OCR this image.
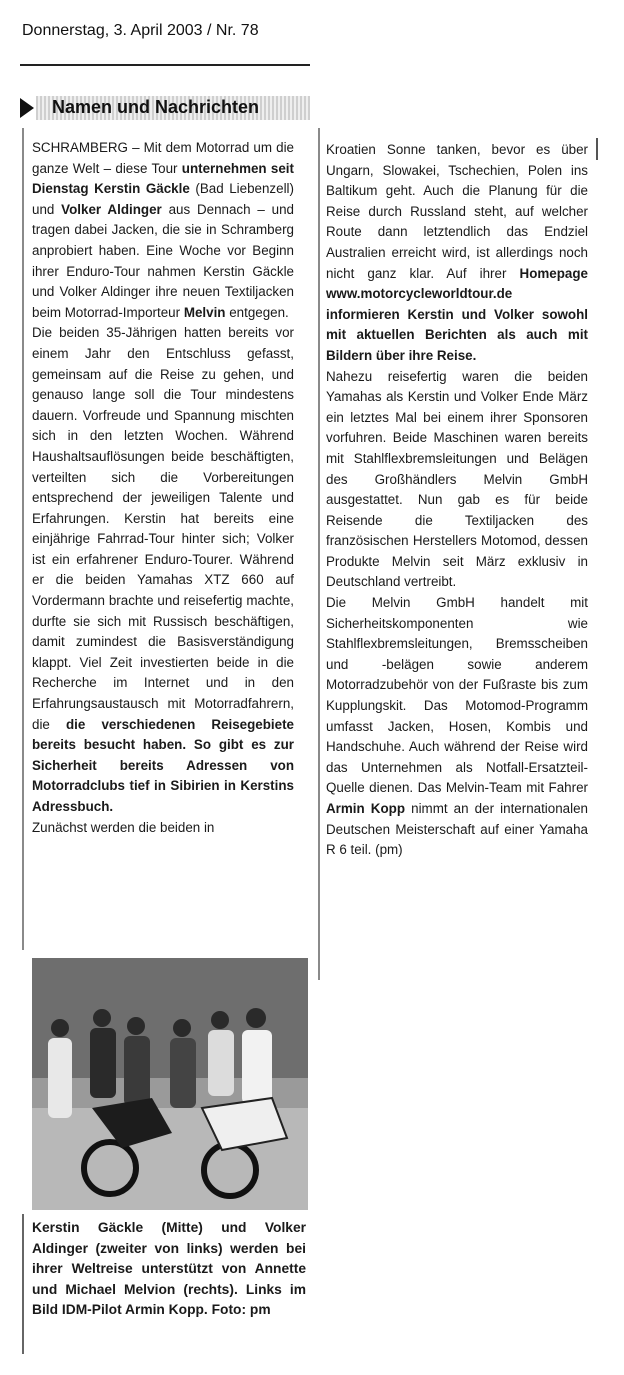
Donnerstag, 3. April 2003 / Nr. 78
Namen und Nachrichten

SCHRAMBERG – Mit dem Motorrad um die ganze Welt – diese Tour unternehmen seit Dienstag Kerstin Gäckle (Bad Liebenzell) und Volker Aldinger aus Dennach – und tragen dabei Jacken, die sie in Schramberg anprobiert haben. Eine Woche vor Beginn ihrer Enduro-Tour nahmen Kerstin Gäckle und Volker Aldinger ihre neuen Textiljacken beim Motorrad-Importeur Melvin entgegen.

Die beiden 35-Jährigen hatten bereits vor einem Jahr den Entschluss gefasst, gemeinsam auf die Reise zu gehen, und genauso lange soll die Tour mindestens dauern. Vorfreude und Spannung mischten sich in den letzten Wochen. Während Haushaltsauflösungen beide beschäftigten, verteilten sich die Vorbereitungen entsprechend der jeweiligen Talente und Erfahrungen. Kerstin hat bereits eine einjährige Fahrrad-Tour hinter sich; Volker ist ein erfahrener Enduro-Tourer. Während er die beiden Yamahas XTZ 660 auf Vordermann brachte und reisefertig machte, durfte sie sich mit Russisch beschäftigen, damit zumindest die Basisverständigung klappt. Viel Zeit investierten beide in die Recherche im Internet und in den Erfahrungsaustausch mit Motorradfahrern, die die verschiedenen Reisegebiete bereits besucht haben. So gibt es zur Sicherheit bereits Adressen von Motorradclubs tief in Sibirien in Kerstins Adressbuch.

Zunächst werden die beiden in

Kroatien Sonne tanken, bevor es über Ungarn, Slowakei, Tschechien, Polen ins Baltikum geht. Auch die Planung für die Reise durch Russland steht, auf welcher Route dann letztendlich das Endziel Australien erreicht wird, ist allerdings noch nicht ganz klar. Auf ihrer Homepage www.motorcycleworldtour.de informieren Kerstin und Volker sowohl mit aktuellen Berichten als auch mit Bildern über ihre Reise.

Nahezu reisefertig waren die beiden Yamahas als Kerstin und Volker Ende März ein letztes Mal bei einem ihrer Sponsoren vorfuhren. Beide Maschinen waren bereits mit Stahlflexbremsleitungen und Belägen des Großhändlers Melvin GmbH ausgestattet. Nun gab es für beide Reisende die Textiljacken des französischen Herstellers Motomod, dessen Produkte Melvin seit März exklusiv in Deutschland vertreibt.

Die Melvin GmbH handelt mit Sicherheitskomponenten wie Stahlflexbremsleitungen, Bremsscheiben und -belägen sowie anderem Motorradzubehör von der Fußraste bis zum Kupplungskit. Das Motomod-Programm umfasst Jacken, Hosen, Kombis und Handschuhe. Auch während der Reise wird das Unternehmen als Notfall-Ersatzteil-Quelle dienen. Das Melvin-Team mit Fahrer Armin Kopp nimmt an der internationalen Deutschen Meisterschaft auf einer Yamaha R 6 teil. (pm)

Kerstin Gäckle (Mitte) und Volker Aldinger (zweiter von links) werden bei ihrer Weltreise unterstützt von Annette und Michael Melvion (rechts). Links im Bild IDM-Pilot Armin Kopp. Foto: pm
